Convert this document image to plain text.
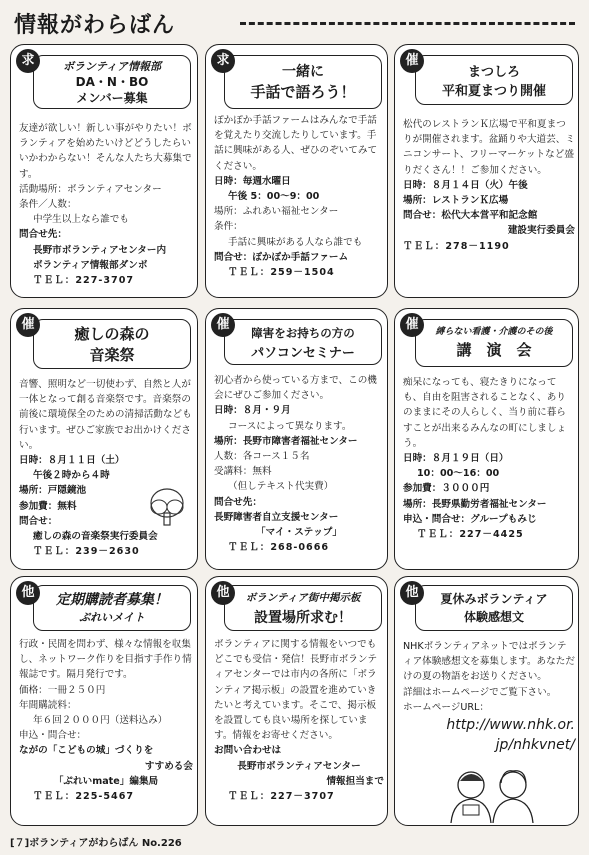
情報がわらばん
求	ボランティア情報部
DA・N・BO
メンバー募集

友達が欲しい！新しい事がやりたい！ボランティアを始めたいけどどうしたらいいかわからない！そんな人たち大募集です。

活動場所：ボランティアセンター

条件／人数：

中学生以上なら誰でも

問合せ先：

長野市ボランティアセンター内

ボランティア情報部ダンボ

ＴＥＬ：227-3707

求
一緒に
手話で語ろう！

ぽかぽか手話ファームはみんなで手話を覚えたり交流したりしています。手話に興味がある人、ぜひのぞいてみてください。

日時：毎週水曜日

午後 5：00～9：00

場所：ふれあい福祉センター

条件：

手話に興味がある人なら誰でも

問合せ：ぽかぽか手話ファーム

ＴＥＬ：259－1504

催
まつしろ
平和夏まつり開催

松代のレストランＫ広場で平和夏まつりが開催されます。盆踊りや大道芸、ミニコンサート、フリーマーケットなど盛りだくさん！！ご参加ください。

日時：８月１４日（火）午後

場所：レストランＫ広場

問合せ：松代大本営平和記念館

建設実行委員会

ＴＥＬ：278－1190

催
癒しの森の
音楽祭

音響、照明など一切使わず、自然と人が一体となって創る音楽祭です。音楽祭の前後に環境保全のための清掃活動なども行います。ぜひご家族でお出かけください。

日時：８月１１日（土）

午後２時から４時

場所：戸隠鏡池

参加費：無料

問合せ：

癒しの森の音楽祭実行委員会

ＴＥＬ：239－2630

催
障害をお持ちの方の
パソコンセミナー

初心者から使っている方まで、この機会にぜひご参加ください。

日時：８月・９月

コースによって異なります。

場所：長野市障害者福祉センター

人数：各コース１５名

受講料：無料

（但しテキスト代実費）

問合せ先：

長野障害者自立支援センター

「マイ・ステップ」

ＴＥＬ：268-0666

催	縛らない看護・介護のその後
講　演　会

痴呆になっても、寝たきりになっても、自由を阻害されることなく、ありのままにその人らしく、当り前に暮らすことが出来るみんなの町にしましょう。

日時：８月１９日（日）

10：00～16：00

参加費：３０００円

場所：長野県勤労者福祉センター

申込・問合せ：グループもみじ

ＴＥＬ：227－4425

他	定期購読者募集！
ぷれいメイト

行政・民間を問わず、様々な情報を収集し、ネットワーク作りを目指す手作り情報誌です。隔月発行です。

価格：一冊２５０円

年間購読料：

年６回２０００円（送料込み）

申込・問合せ：

ながの「こどもの城」づくりを

すすめる会

「ぷれいmate」編集局

ＴＥＬ：225-5467

他	ボランティア街中掲示板
設置場所求む！

ボランティアに関する情報をいつでもどこでも受信・発信！長野市ボランティアセンターでは市内の各所に「ボランティア掲示板」の設置を進めていきたいと考えています。そこで、掲示板を設置しても良い場所を探しています。情報をお寄せください。

お問い合わせは

長野市ボランティアセンター

情報担当まで

ＴＥＬ：227－3707

他	夏休みボランティア
体験感想文

NHKボランティアネットではボランティア体験感想文を募集します。あなただけの夏の物語をお送りください。

詳細はホームページでご覧下さい。

ホームページURL：

http://www.nhk.or.

jp/nhkvnet/

[７]ボランティアがわらばん No.226
